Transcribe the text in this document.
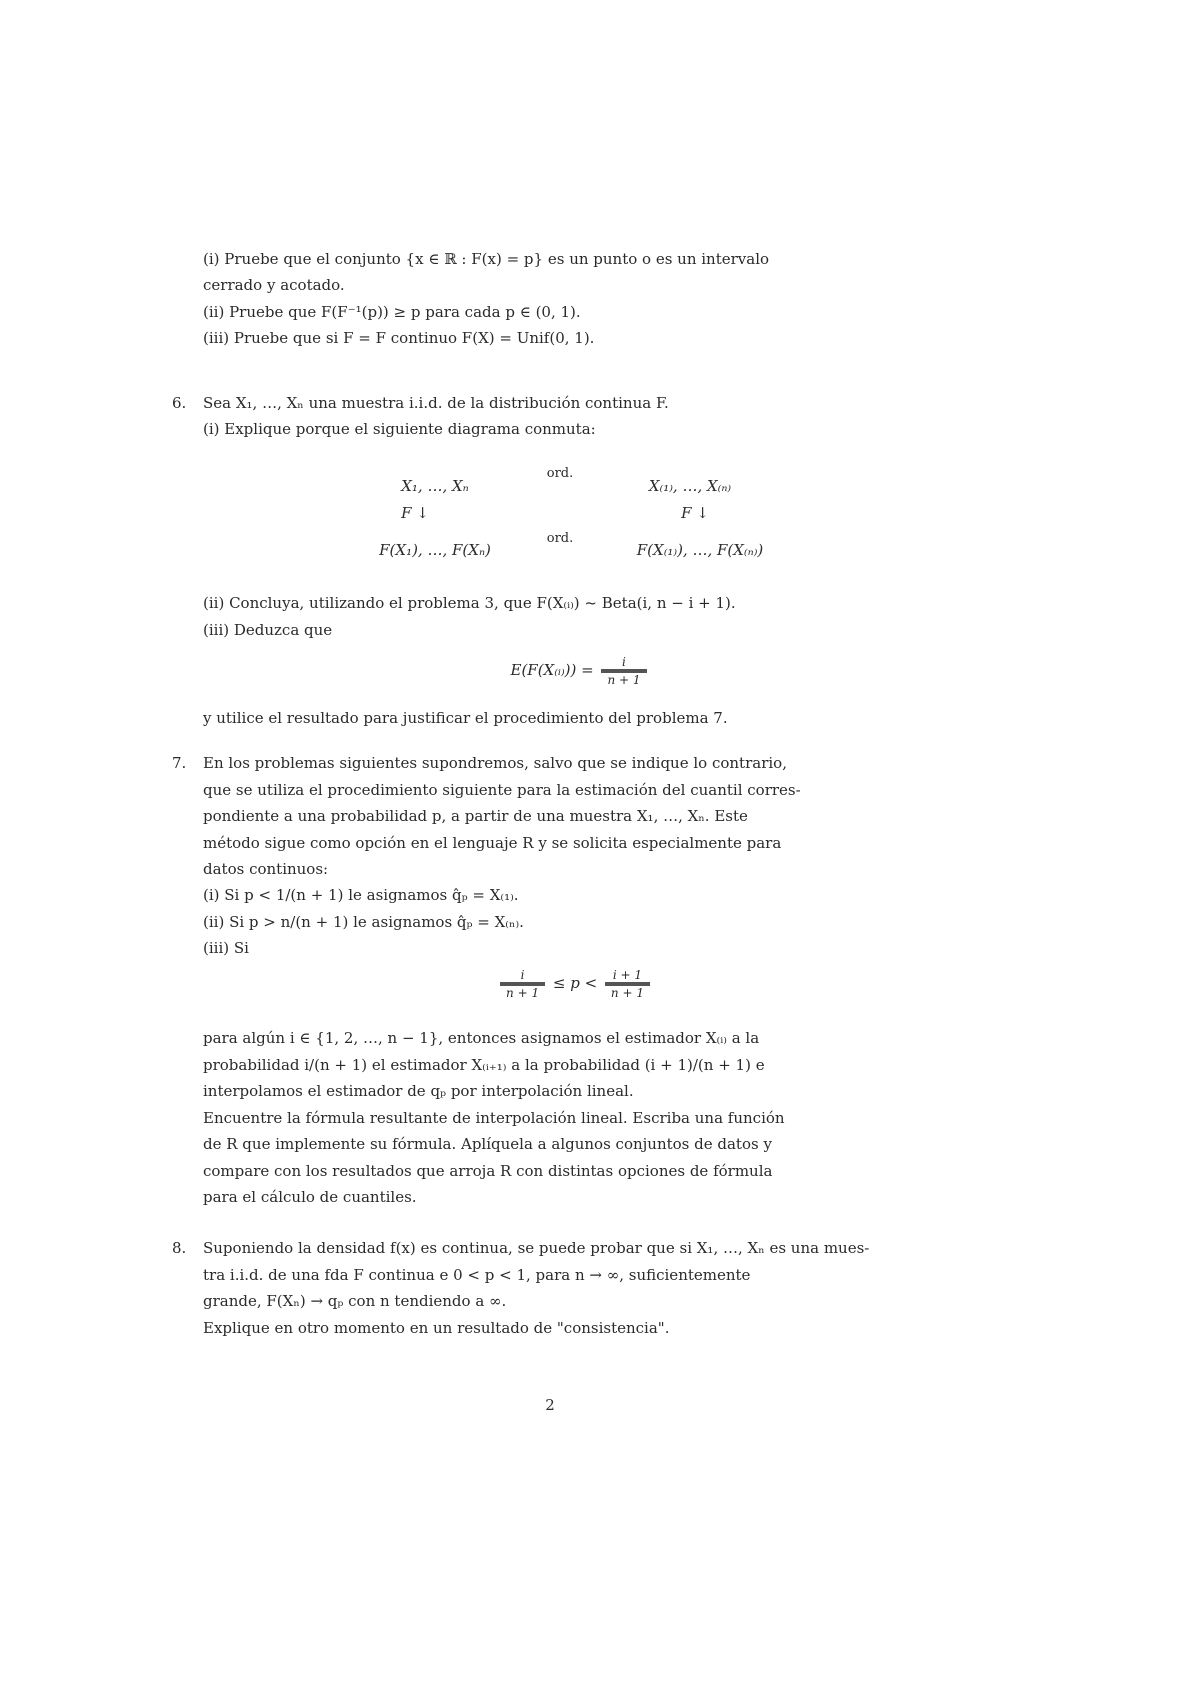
(i) Pruebe que el conjunto {x ∈ ℝ : F(x) = p} es un punto o es un intervalo
cerrado y acotado.
(ii) Pruebe que F(F⁻¹(p)) ≥ p para cada p ∈ (0, 1).
(iii) Pruebe que si F = F continuo F(X) = Unif(0, 1).
6. Sea X₁, …, Xₙ una muestra i.i.d. de la distribución continua F.
(i) Explique porque el siguiente diagrama conmuta:
X₁, …, Xₙ
ord.
X₍₁₎, …, X₍ₙ₎
F ↓	F ↓
F(X₁), …, F(Xₙ)
ord.
F(X₍₁₎), …, F(X₍ₙ₎)
(ii) Concluya, utilizando el problema 3, que F(X₍ᵢ₎) ~ Beta(i, n − i + 1).
(iii) Deduzca que
E(F(X₍ᵢ₎)) = $\frac{i}{n + 1}$
y utilice el resultado para justificar el procedimiento del problema 7.
7. En los problemas siguientes supondremos, salvo que se indique lo contrario,
que se utiliza el procedimiento siguiente para la estimación del cuantil corres-
pondiente a una probabilidad p, a partir de una muestra X₁, …, Xₙ. Este
método sigue como opción en el lenguaje R y se solicita especialmente para
datos continuos:
(i) Si p < 1/(n + 1) le asignamos q̂ₚ = X₍₁₎.
(ii) Si p > n/(n + 1) le asignamos q̂ₚ = X₍ₙ₎.
(iii) Si
$\frac{i}{n + 1} \le p < \frac{i + 1}{n + 1}$
para algún i ∈ {1, 2, …, n − 1}, entonces asignamos el estimador X₍ᵢ₎ a la
probabilidad i/(n + 1) el estimador X₍ᵢ₊₁₎ a la probabilidad (i + 1)/(n + 1) e
interpolamos el estimador de qₚ por interpolación lineal.
Encuentre la fórmula resultante de interpolación lineal. Escriba una función
de R que implemente su fórmula. Aplíquela a algunos conjuntos de datos y
compare con los resultados que arroja R con distintas opciones de fórmula
para el cálculo de cuantiles.
8. Suponiendo la densidad f(x) es continua, se puede probar que si X₁, …, Xₙ es una mues-
tra i.i.d. de una fda F continua e 0 < p < 1, para n → ∞, suficientemente
grande, F(Xₙ) → qₚ con n tendiendo a ∞.
Explique en otro momento en un resultado de "consistencia".
2
